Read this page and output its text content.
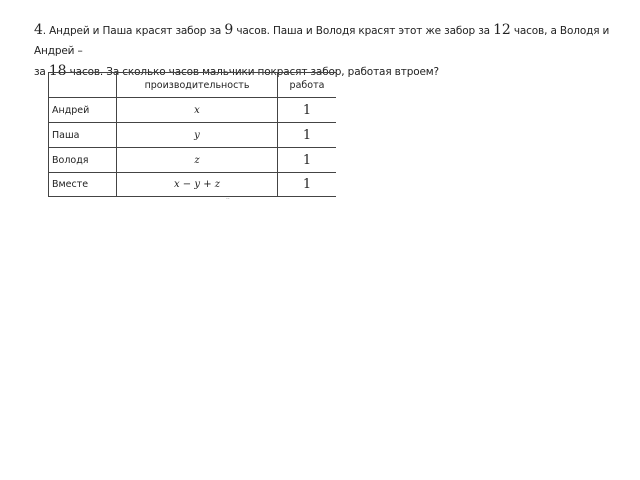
4. Андрей и Паша красят забор за 9 часов. Паша и Володя красят этот же забор за 12 часов, а Володя и Андрей –
за 18 часов. За сколько часов мальчики покрасят забор, работая втроем?
	производительность	работа
Андрей	x	1
Паша	y	1
Володя	z	1
Вместе	x − y + z	1
··
